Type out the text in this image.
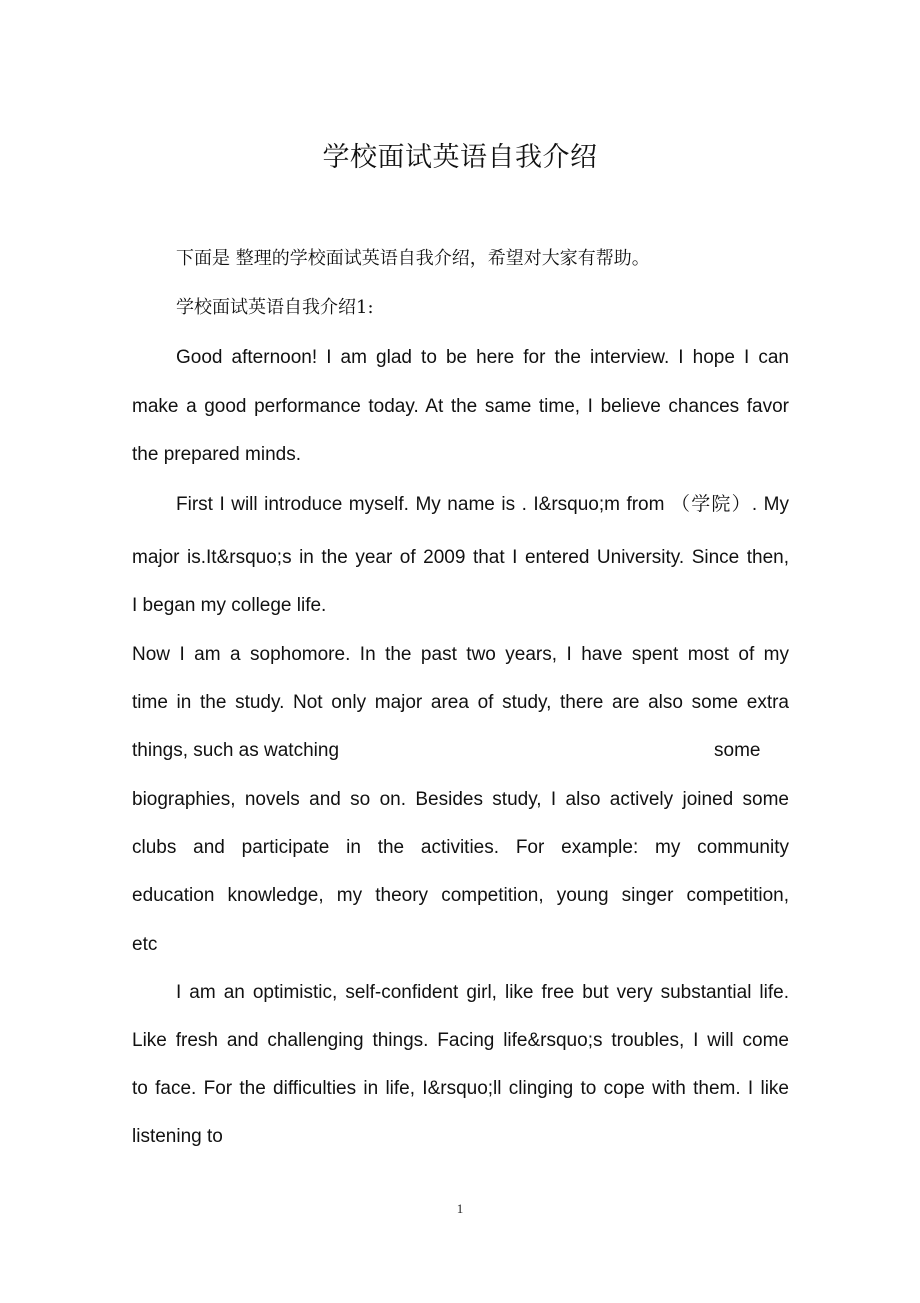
学校面试英语自我介绍
下面是 整理的学校面试英语自我介绍，希望对大家有帮助。
学校面试英语自我介绍1:
Good afternoon! I am glad to be here for the interview. I hope I can
make a good performance today. At the same time, I believe chances favor
the prepared minds.
First I will introduce myself. My name is . I&rsquo;m from （学院）. My
major is.It&rsquo;s in the year of 2009 that I entered University. Since then,
I began my college life.
Now I am a sophomore. In the past two years, I have spent most of my
time in the study. Not only major area of study, there are also some extra
things, such as watching	some
biographies, novels and so on. Besides study, I also actively joined some
clubs and participate in the activities. For example: my community
education knowledge, my theory competition, young singer competition,
etc
I am an optimistic, self-confident girl, like free but very substantial life.
Like fresh and challenging things. Facing life&rsquo;s troubles, I will come
to face. For the difficulties in life, I&rsquo;ll clinging to cope with them. I like
listening to
1
